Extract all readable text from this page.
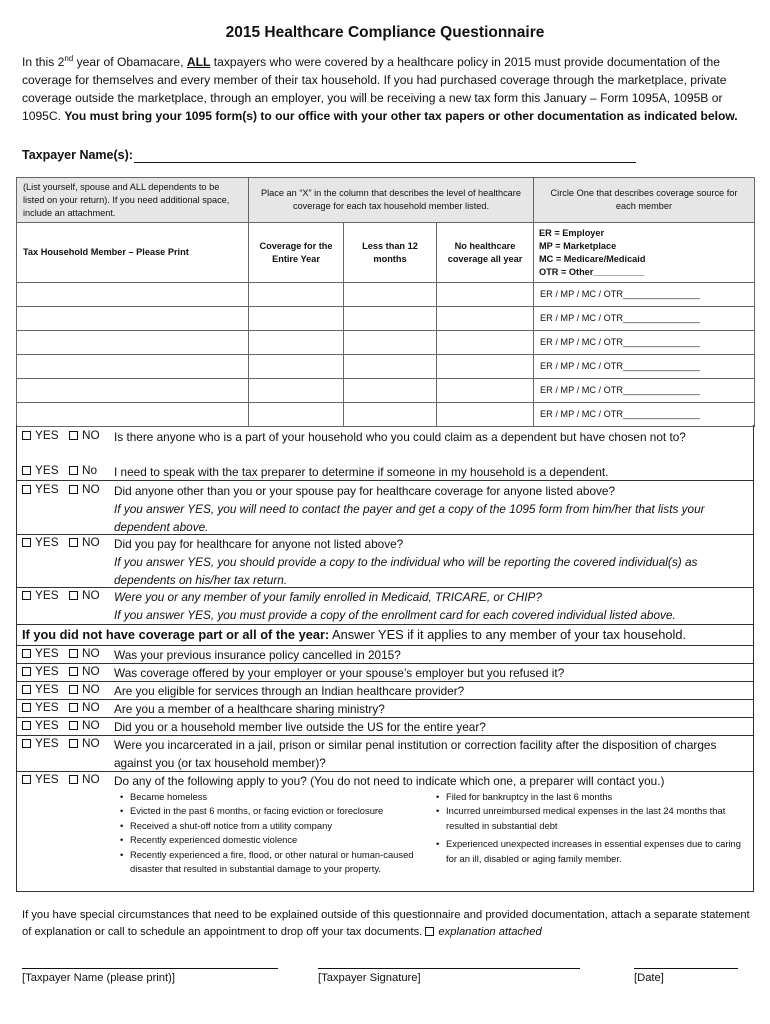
2015 Healthcare Compliance Questionnaire
In this 2nd year of Obamacare, ALL taxpayers who were covered by a healthcare policy in 2015 must provide documentation of the coverage for themselves and every member of their tax household. If you had purchased coverage through the marketplace, private coverage outside the marketplace, through an employer, you will be receiving a new tax form this January – Form 1095A, 1095B or 1095C. You must bring your 1095 form(s) to our office with your other tax papers or other documentation as indicated below.
Taxpayer Name(s):
(List yourself, spouse and ALL dependents to be listed on your return). If you need additional space, include an attachment.	Place an “X” in the column that describes the level of healthcare coverage for each tax household member listed.			Circle One that describes coverage source for each member
Tax Household Member – Please Print	Coverage for the Entire Year	Less than 12 months	No healthcare coverage all year	ER = Employer
MP = Marketplace
MC = Medicare/Medicaid
OTR = Other__________

				ER / MP / MC / OTR_______________
				ER / MP / MC / OTR_______________
				ER / MP / MC / OTR_______________
				ER / MP / MC / OTR_______________
				ER / MP / MC / OTR_______________
				ER / MP / MC / OTR_______________
YES NO Is there anyone who is a part of your household who you could claim as a dependent but have chosen not to?
YES No I need to speak with the tax preparer to determine if someone in my household is a dependent.
YES NO Did anyone other than you or your spouse pay for healthcare coverage for anyone listed above?
If you answer YES, you will need to contact the payer and get a copy of the 1095 form from him/her that lists your dependent above.
YES NO Did you pay for healthcare for anyone not listed above?
If you answer YES, you should provide a copy to the individual who will be reporting the covered individual(s) as dependents on his/her tax return.
YES NO Were you or any member of your family enrolled in Medicaid, TRICARE, or CHIP?
If you answer YES, you must provide a copy of the enrollment card for each covered individual listed above.
If you did not have coverage part or all of the year: Answer YES if it applies to any member of your tax household.
YES NO Was your previous insurance policy cancelled in 2015?
YES NO Was coverage offered by your employer or your spouse’s employer but you refused it?
YES NO Are you eligible for services through an Indian healthcare provider?
YES NO Are you a member of a healthcare sharing ministry?
YES NO Did you or a household member live outside the US for the entire year?
YES NO Were you incarcerated in a jail, prison or similar penal institution or correction facility after the disposition of charges against you (or tax household member)?
YES NO Do any of the following apply to you? (You do not need to indicate which one, a preparer will contact you.)
• Became homeless
• Evicted in the past 6 months, or facing eviction or foreclosure
• Received a shut-off notice from a utility company
• Recently experienced domestic violence
• Recently experienced a fire, flood, or other natural or human-caused disaster that resulted in substantial damage to your property.
• Filed for bankruptcy in the last 6 months
• Incurred unreimbursed medical expenses in the last 24 months that resulted in substantial debt
• Experienced unexpected increases in essential expenses due to caring for an ill, disabled or aging family member.
If you have special circumstances that need to be explained outside of this questionnaire and provided documentation, attach a separate statement of explanation or call to schedule an appointment to drop off your tax documents. explanation attached
[Taxpayer Name (please print)]	[Taxpayer Signature]	[Date]
